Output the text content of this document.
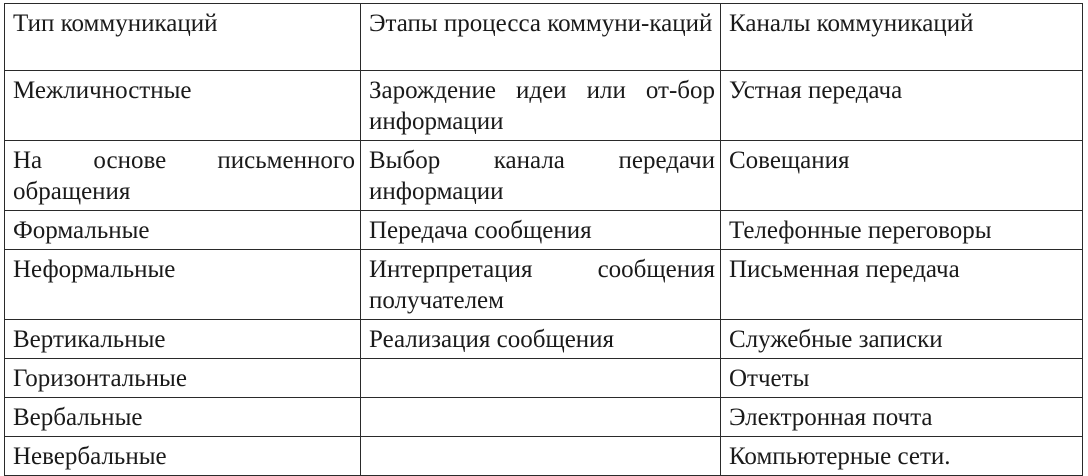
Тип коммуникаций	Этапы процесса коммуни-каций	Каналы коммуникаций
Межличностные	Зарождение идеи или от-бор информации	Устная передача
На основе письменного обращения	Выбор канала передачи информации	Совещания
Формальные	Передача сообщения	Телефонные переговоры
Неформальные	Интерпретация сообщения получателем	Письменная передача
Вертикальные	Реализация сообщения	Служебные записки
Горизонтальные		Отчеты
Вербальные		Электронная почта
Невербальные		Компьютерные сети.
